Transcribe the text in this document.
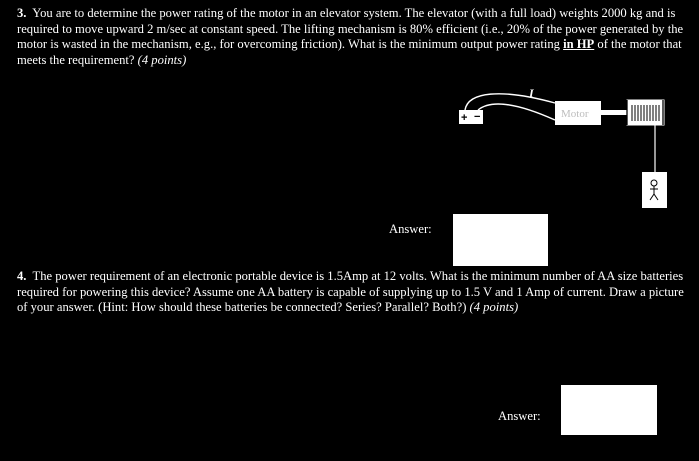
3. You are to determine the power rating of the motor in an elevator system. The elevator (with a full load) weights 2000 kg and is required to move upward 2 m/sec at constant speed. The lifting mechanism is 80% efficient (i.e., 20% of the power generated by the motor is wasted in the mechanism, e.g., for overcoming friction). What is the minimum output power rating in HP of the motor that meets the requirement? (4 points)
+ −
I
Motor
Answer:
4. The power requirement of an electronic portable device is 1.5Amp at 12 volts. What is the minimum number of AA size batteries required for powering this device? Assume one AA battery is capable of supplying up to 1.5 V and 1 Amp of current. Draw a picture of your answer. (Hint: How should these batteries be connected? Series? Parallel? Both?) (4 points)
Answer:
